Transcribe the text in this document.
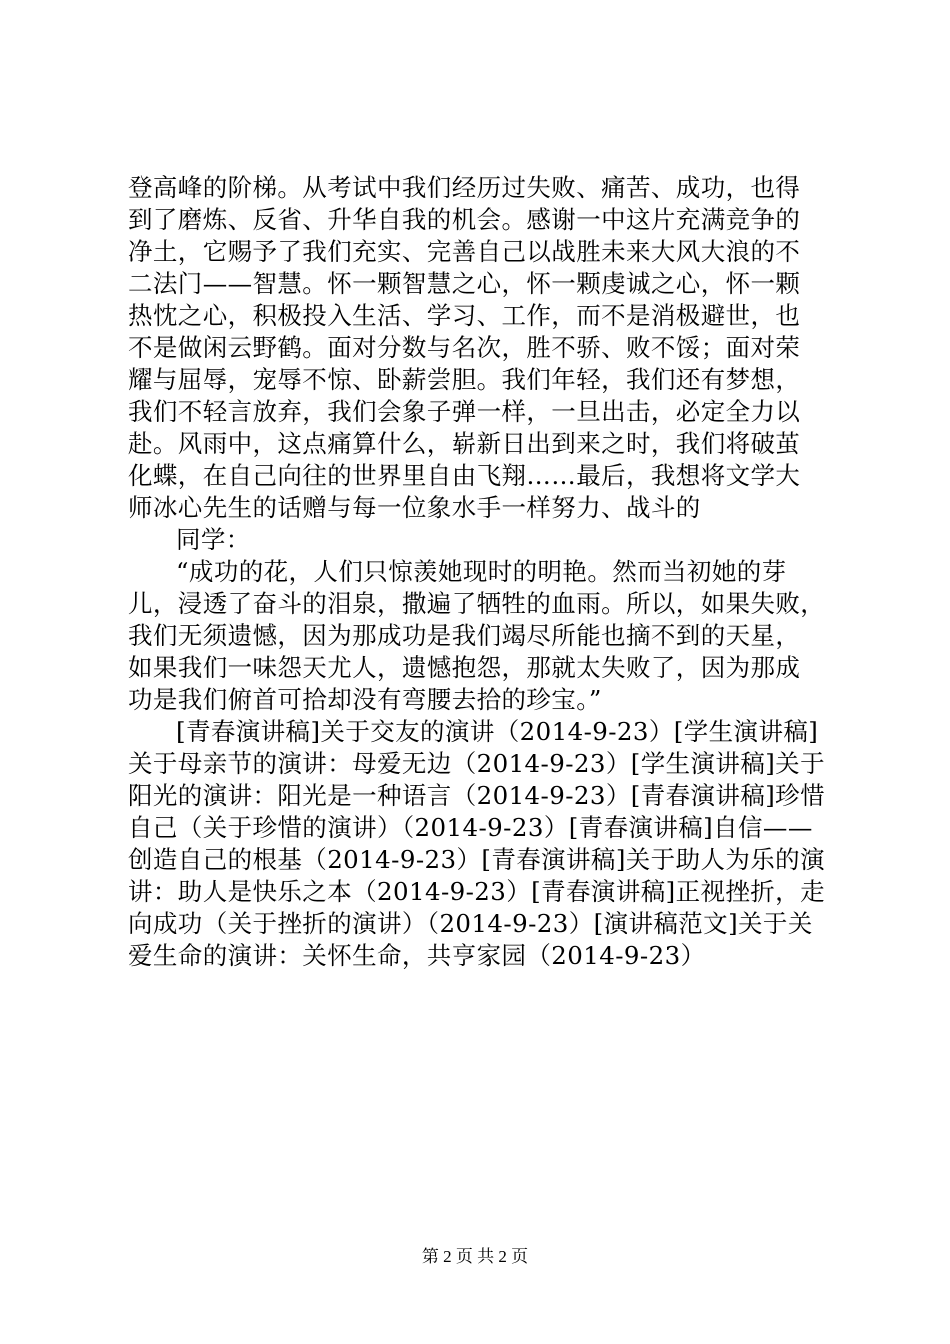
登高峰的阶梯。从考试中我们经历过失败、痛苦、成功，也得
到了磨炼、反省、升华自我的机会。感谢一中这片充满竞争的
净土，它赐予了我们充实、完善自己以战胜未来大风大浪的不
二法门——智慧。怀一颗智慧之心，怀一颗虔诚之心，怀一颗
热忱之心，积极投入生活、学习、工作，而不是消极避世，也
不是做闲云野鹤。面对分数与名次，胜不骄、败不馁；面对荣
耀与屈辱，宠辱不惊、卧薪尝胆。我们年轻，我们还有梦想，
我们不轻言放弃，我们会象子弹一样，一旦出击，必定全力以
赴。风雨中，这点痛算什么，崭新日出到来之时，我们将破茧
化蝶，在自己向往的世界里自由飞翔……最后，我想将文学大
师冰心先生的话赠与每一位象水手一样努力、战斗的
同学：
“成功的花，人们只惊羡她现时的明艳。然而当初她的芽
儿，浸透了奋斗的泪泉，撒遍了牺牲的血雨。所以，如果失败，
我们无须遗憾，因为那成功是我们竭尽所能也摘不到的天星，
如果我们一味怨天尤人，遗憾抱怨，那就太失败了，因为那成
功是我们俯首可拾却没有弯腰去拾的珍宝。”
[青春演讲稿]关于交友的演讲（2014-9-23）[学生演讲稿]
关于母亲节的演讲：母爱无边（2014-9-23）[学生演讲稿]关于
阳光的演讲：阳光是一种语言（2014-9-23）[青春演讲稿]珍惜
自己（关于珍惜的演讲）（2014-9-23）[青春演讲稿]自信——
创造自己的根基（2014-9-23）[青春演讲稿]关于助人为乐的演
讲：助人是快乐之本（2014-9-23）[青春演讲稿]正视挫折，走
向成功（关于挫折的演讲）（2014-9-23）[演讲稿范文]关于关
爱生命的演讲：关怀生命，共亨家园（2014-9-23）
第 2 页 共 2 页
